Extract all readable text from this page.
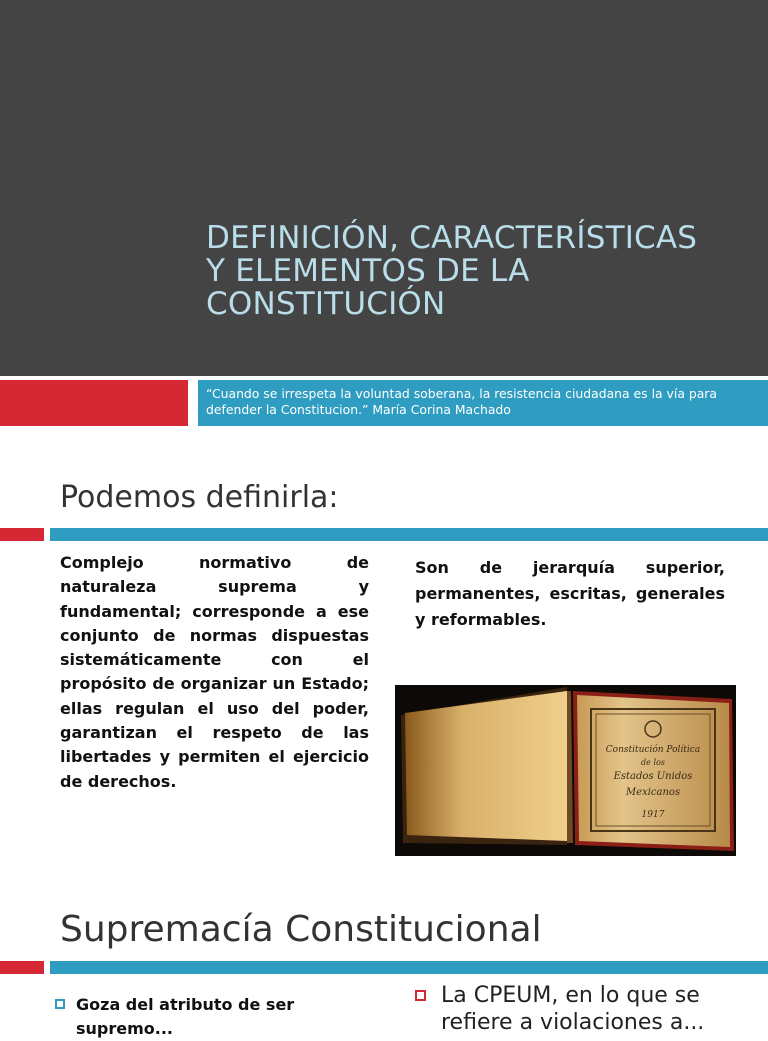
DEFINICIÓN, CARACTERÍSTICAS
Y ELEMENTOS DE LA
CONSTITUCIÓN
“Cuando se irrespeta la voluntad soberana, la resistencia ciudadana es la vía para defender la Constitucion.” María Corina Machado
Podemos definirla:
Complejo normativo de naturaleza suprema y fundamental; corresponde a ese conjunto de normas dispuestas sistemáticamente con el propósito de organizar un Estado; ellas regulan el uso del poder, garantizan el respeto de las libertades y permiten el ejercicio de derechos.
Son de jerarquía superior, permanentes, escritas, generales y reformables.
Constitución Política
de los
Estados Unidos
Mexicanos
1917
Supremacía Constitucional
Goza del atributo de ser supremo...
La CPEUM, en lo que se refiere a violaciones a...
